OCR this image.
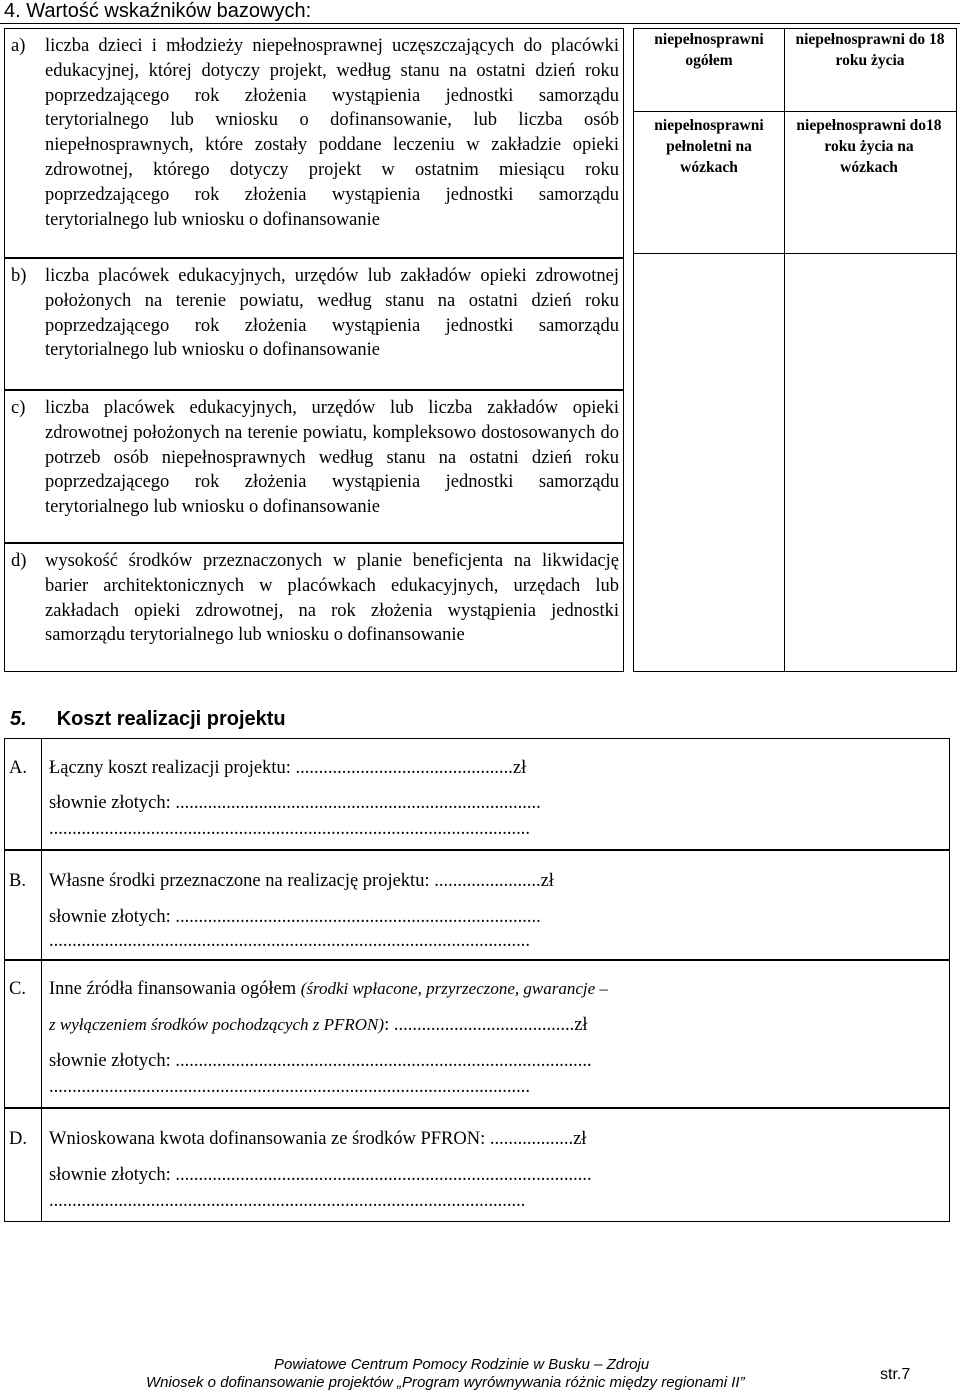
4. Wartość wskaźników bazowych:
a) liczba dzieci i młodzieży niepełnosprawnej uczęszczających do placówki edukacyjnej, której dotyczy projekt, według stanu na ostatni dzień roku poprzedzającego rok złożenia wystąpienia jednostki samorządu terytorialnego lub wniosku o dofinansowanie, lub liczba osób niepełnosprawnych, które zostały poddane leczeniu w zakładzie opieki zdrowotnej, którego dotyczy projekt w ostatnim miesiącu roku poprzedzającego rok złożenia wystąpienia jednostki samorządu terytorialnego lub wniosku o dofinansowanie
b) liczba placówek edukacyjnych, urzędów lub zakładów opieki zdrowotnej położonych na terenie powiatu, według stanu na ostatni dzień roku poprzedzającego rok złożenia wystąpienia jednostki samorządu terytorialnego lub wniosku o dofinansowanie
c) liczba placówek edukacyjnych, urzędów lub liczba zakładów opieki zdrowotnej położonych na terenie powiatu, kompleksowo dostosowanych do potrzeb osób niepełnosprawnych według stanu na ostatni dzień roku poprzedzającego rok złożenia wystąpienia jednostki samorządu terytorialnego lub wniosku o dofinansowanie
d) wysokość środków przeznaczonych w planie beneficjenta na likwidację barier architektonicznych w placówkach edukacyjnych, urzędach lub zakładach opieki zdrowotnej, na rok złożenia wystąpienia jednostki samorządu terytorialnego lub wniosku o dofinansowanie
niepełnosprawni ogółem
niepełnosprawni do 18 roku życia
niepełnosprawni pełnoletni na wózkach
niepełnosprawni do18 roku życia na wózkach
5. Koszt realizacji projektu
A. Łączny koszt realizacji projektu: ...............................................zł
słownie złotych: ...............................................................................
........................................................................................................
B. Własne środki przeznaczone na realizację projektu: .......................zł
słownie złotych: ...............................................................................
........................................................................................................
C. Inne źródła finansowania ogółem (środki wpłacone, przyrzeczone, gwarancje –
z wyłączeniem środków pochodzących z PFRON): .......................................zł
słownie złotych: ..........................................................................................
........................................................................................................
D. Wnioskowana kwota dofinansowania ze środków PFRON: ..................zł
słownie złotych: ..........................................................................................
.......................................................................................................
Powiatowe Centrum Pomocy Rodzinie w Busku – Zdroju
Wniosek o dofinansowanie projektów „Program wyrównywania różnic między regionami II”	str.7
